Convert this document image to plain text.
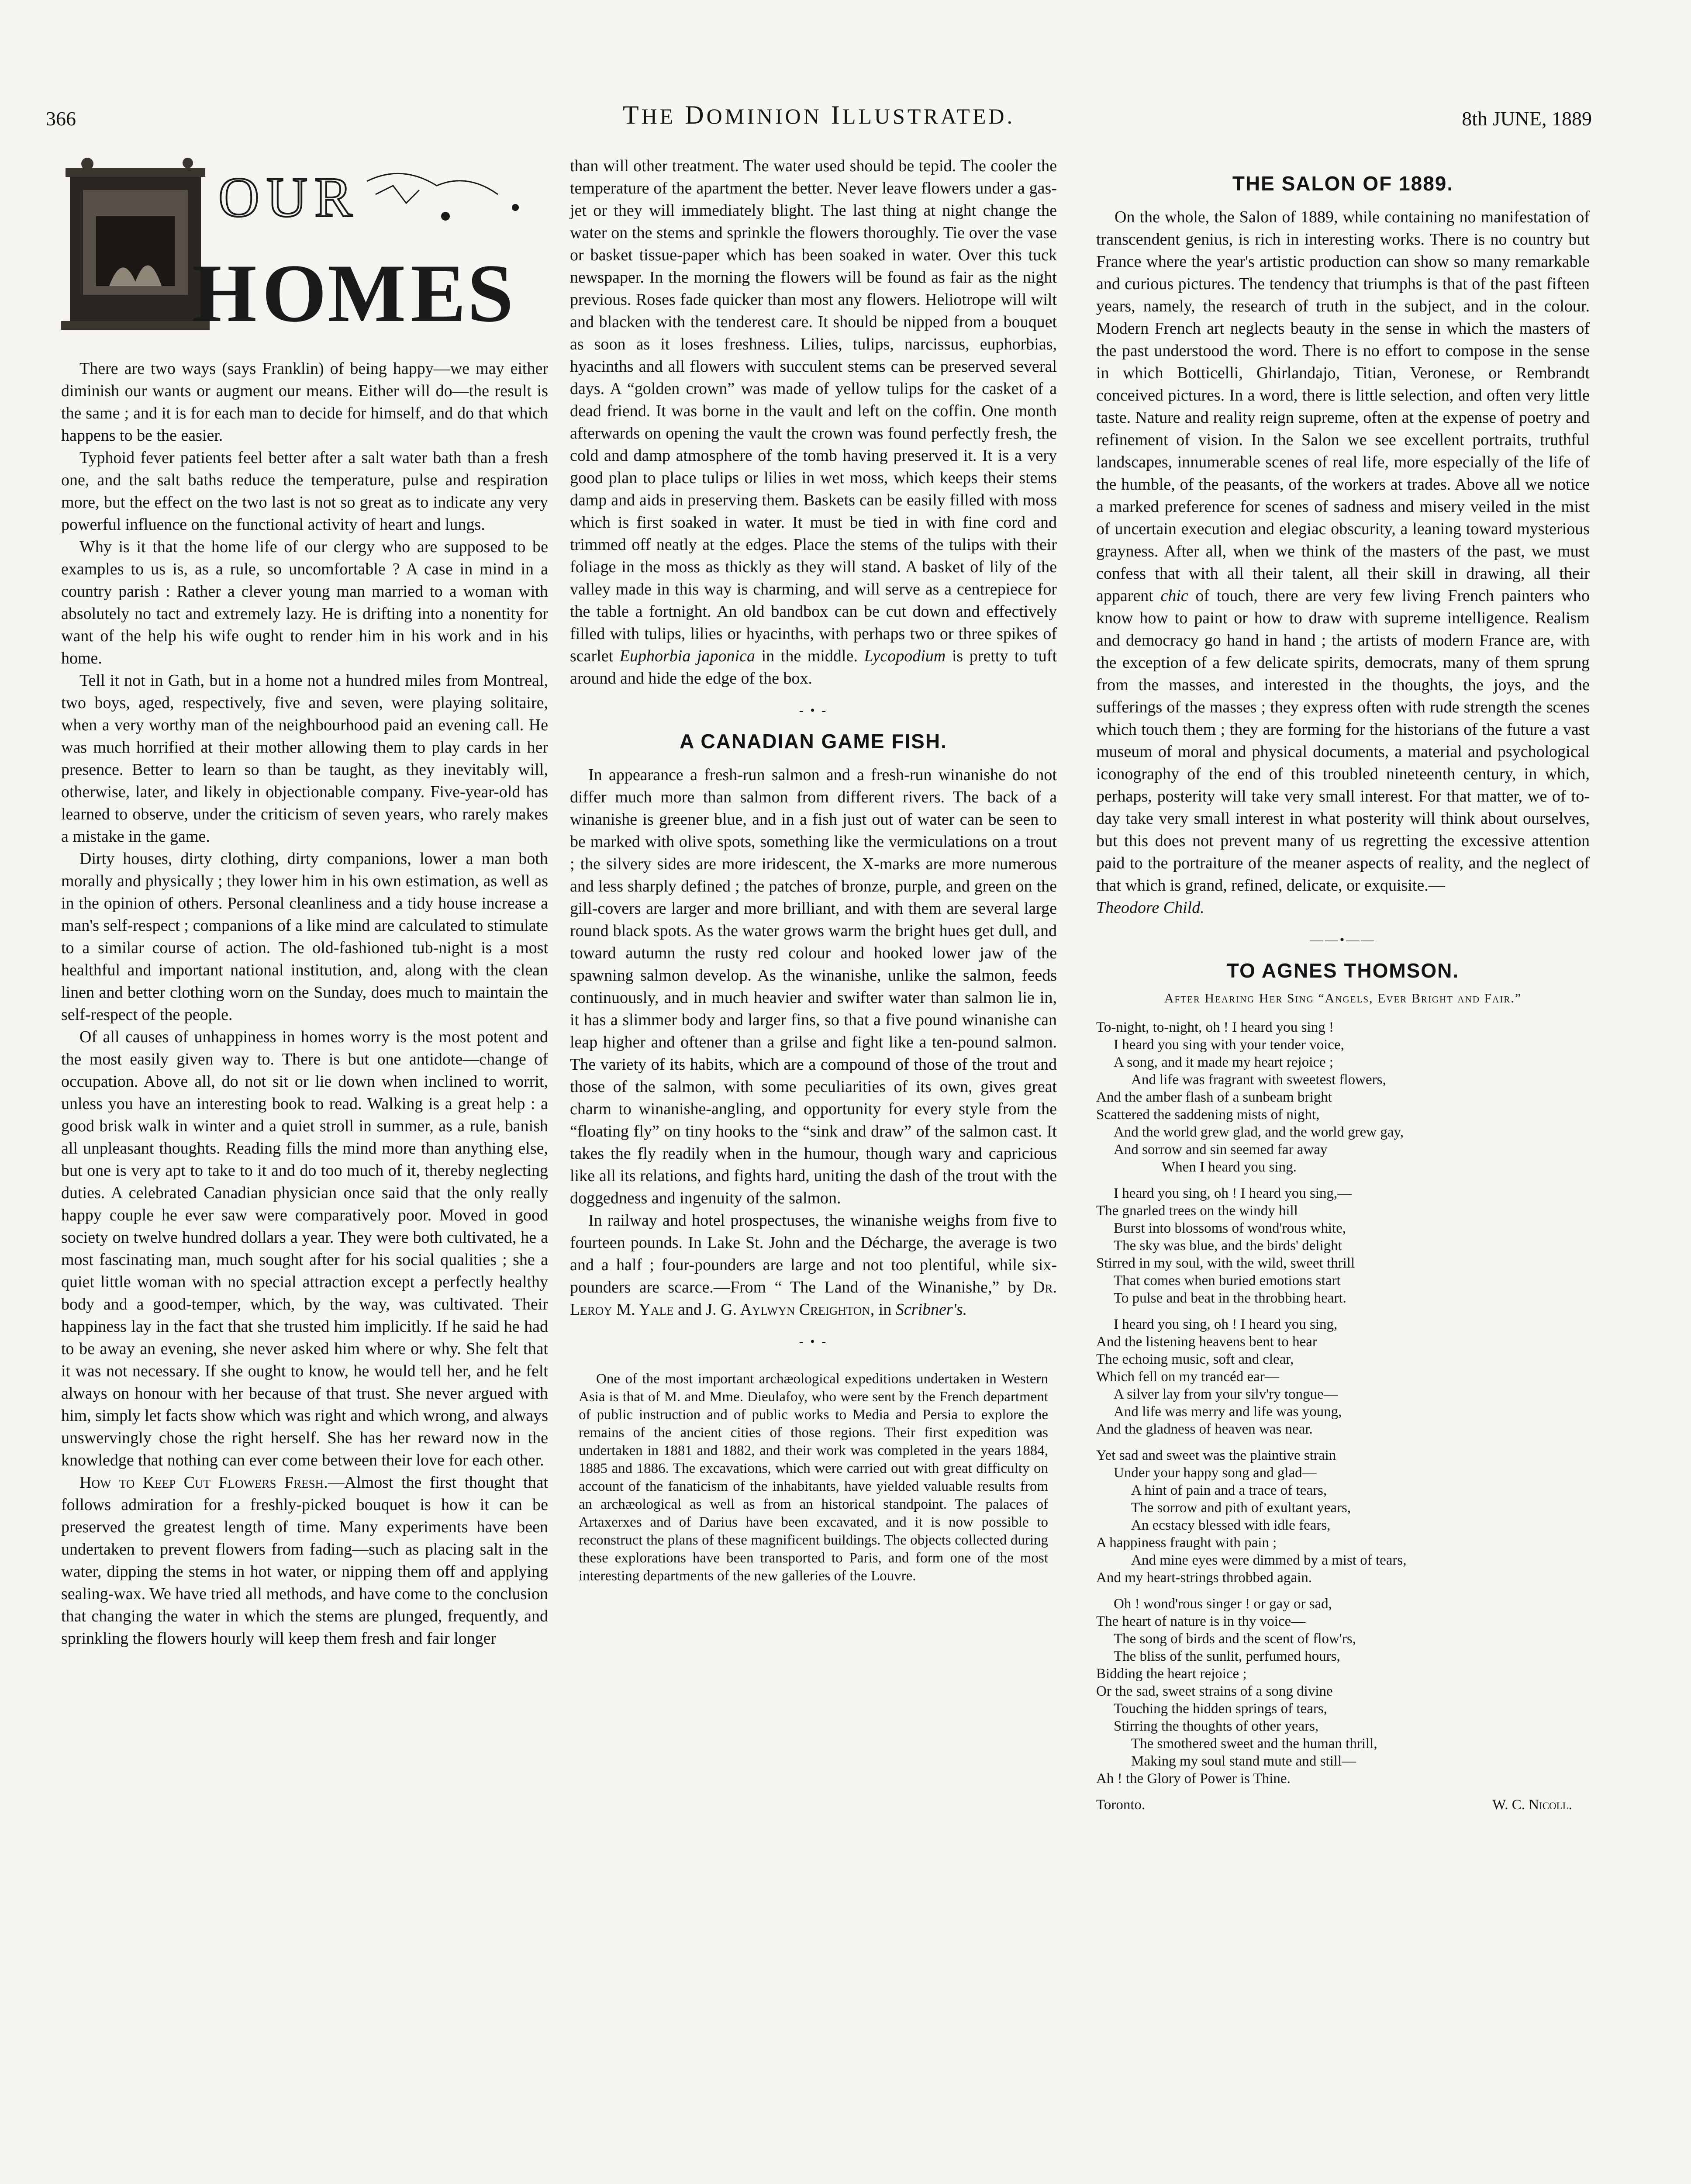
366	THE DOMINION ILLUSTRATED.	8th JUNE, 1889
O U R
H O M E S

There are two ways (says Franklin) of being happy—we may either diminish our wants or augment our means. Either will do—the result is the same ; and it is for each man to decide for himself, and do that which happens to be the easier.

Typhoid fever patients feel better after a salt water bath than a fresh one, and the salt baths reduce the temperature, pulse and respiration more, but the effect on the two last is not so great as to indicate any very powerful influence on the functional activity of heart and lungs.

Why is it that the home life of our clergy who are supposed to be examples to us is, as a rule, so uncomfortable ? A case in mind in a country parish : Rather a clever young man married to a woman with absolutely no tact and extremely lazy. He is drifting into a nonentity for want of the help his wife ought to render him in his work and in his home.

Tell it not in Gath, but in a home not a hundred miles from Montreal, two boys, aged, respectively, five and seven, were playing solitaire, when a very worthy man of the neighbourhood paid an evening call. He was much horrified at their mother allowing them to play cards in her presence. Better to learn so than be taught, as they inevitably will, otherwise, later, and likely in objectionable company. Five-year-old has learned to observe, under the criticism of seven years, who rarely makes a mistake in the game.

Dirty houses, dirty clothing, dirty companions, lower a man both morally and physically ; they lower him in his own estimation, as well as in the opinion of others. Personal cleanliness and a tidy house increase a man's self-respect ; companions of a like mind are calculated to stimulate to a similar course of action. The old-fashioned tub-night is a most healthful and important national institution, and, along with the clean linen and better clothing worn on the Sunday, does much to maintain the self-respect of the people.

Of all causes of unhappiness in homes worry is the most potent and the most easily given way to. There is but one antidote—change of occupation. Above all, do not sit or lie down when inclined to worrit, unless you have an interesting book to read. Walking is a great help : a good brisk walk in winter and a quiet stroll in summer, as a rule, banish all unpleasant thoughts. Reading fills the mind more than anything else, but one is very apt to take to it and do too much of it, thereby neglecting duties. A celebrated Canadian physician once said that the only really happy couple he ever saw were comparatively poor. Moved in good society on twelve hundred dollars a year. They were both cultivated, he a most fascinating man, much sought after for his social qualities ; she a quiet little woman with no special attraction except a perfectly healthy body and a good-temper, which, by the way, was cultivated. Their happiness lay in the fact that she trusted him implicitly. If he said he had to be away an evening, she never asked him where or why. She felt that it was not necessary. If she ought to know, he would tell her, and he felt always on honour with her because of that trust. She never argued with him, simply let facts show which was right and which wrong, and always unswervingly chose the right herself. She has her reward now in the knowledge that nothing can ever come between their love for each other.

How to Keep Cut Flowers Fresh.—Almost the first thought that follows admiration for a freshly-picked bouquet is how it can be preserved the greatest length of time. Many experiments have been undertaken to prevent flowers from fading—such as placing salt in the water, dipping the stems in hot water, or nipping them off and applying sealing-wax. We have tried all methods, and have come to the conclusion that changing the water in which the stems are plunged, frequently, and sprinkling the flowers hourly will keep them fresh and fair longer

than will other treatment. The water used should be tepid. The cooler the temperature of the apartment the better. Never leave flowers under a gas-jet or they will immediately blight. The last thing at night change the water on the stems and sprinkle the flowers thoroughly. Tie over the vase or basket tissue-paper which has been soaked in water. Over this tuck newspaper. In the morning the flowers will be found as fair as the night previous. Roses fade quicker than most any flowers. Heliotrope will wilt and blacken with the tenderest care. It should be nipped from a bouquet as soon as it loses freshness. Lilies, tulips, narcissus, euphorbias, hyacinths and all flowers with succulent stems can be preserved several days. A “golden crown” was made of yellow tulips for the casket of a dead friend. It was borne in the vault and left on the coffin. One month afterwards on opening the vault the crown was found perfectly fresh, the cold and damp atmosphere of the tomb having preserved it. It is a very good plan to place tulips or lilies in wet moss, which keeps their stems damp and aids in preserving them. Baskets can be easily filled with moss which is first soaked in water. It must be tied in with fine cord and trimmed off neatly at the edges. Place the stems of the tulips with their foliage in the moss as thickly as they will stand. A basket of lily of the valley made in this way is charming, and will serve as a centrepiece for the table a fortnight. An old bandbox can be cut down and effectively filled with tulips, lilies or hyacinths, with perhaps two or three spikes of scarlet Euphorbia japonica in the middle. Lycopodium is pretty to tuft around and hide the edge of the box.

- • -
A CANADIAN GAME FISH.

In appearance a fresh-run salmon and a fresh-run winanishe do not differ much more than salmon from different rivers. The back of a winanishe is greener blue, and in a fish just out of water can be seen to be marked with olive spots, something like the vermiculations on a trout ; the silvery sides are more iridescent, the X-marks are more numerous and less sharply defined ; the patches of bronze, purple, and green on the gill-covers are larger and more brilliant, and with them are several large round black spots. As the water grows warm the bright hues get dull, and toward autumn the rusty red colour and hooked lower jaw of the spawning salmon develop. As the winanishe, unlike the salmon, feeds continuously, and in much heavier and swifter water than salmon lie in, it has a slimmer body and larger fins, so that a five pound winanishe can leap higher and oftener than a grilse and fight like a ten-pound salmon. The variety of its habits, which are a compound of those of the trout and those of the salmon, with some peculiarities of its own, gives great charm to winanishe-angling, and opportunity for every style from the “floating fly” on tiny hooks to the “sink and draw” of the salmon cast. It takes the fly readily when in the humour, though wary and capricious like all its relations, and fights hard, uniting the dash of the trout with the doggedness and ingenuity of the salmon.

In railway and hotel prospectuses, the winanishe weighs from five to fourteen pounds. In Lake St. John and the Décharge, the average is two and a half ; four-pounders are large and not too plentiful, while six-pounders are scarce.—From “ The Land of the Winanishe,” by Dr. Leroy M. Yale and J. G. Aylwyn Creighton, in Scribner's.

- • -

One of the most important archæological expeditions undertaken in Western Asia is that of M. and Mme. Dieulafoy, who were sent by the French department of public instruction and of public works to Media and Persia to explore the remains of the ancient cities of those regions. Their first expedition was undertaken in 1881 and 1882, and their work was completed in the years 1884, 1885 and 1886. The excavations, which were carried out with great difficulty on account of the fanaticism of the inhabitants, have yielded valuable results from an archæological as well as from an historical standpoint. The palaces of Artaxerxes and of Darius have been excavated, and it is now possible to reconstruct the plans of these magnificent buildings. The objects collected during these explorations have been transported to Paris, and form one of the most interesting departments of the new galleries of the Louvre.

THE SALON OF 1889.

On the whole, the Salon of 1889, while containing no manifestation of transcendent genius, is rich in interesting works. There is no country but France where the year's artistic production can show so many remarkable and curious pictures. The tendency that triumphs is that of the past fifteen years, namely, the research of truth in the subject, and in the colour. Modern French art neglects beauty in the sense in which the masters of the past understood the word. There is no effort to compose in the sense in which Botticelli, Ghirlandajo, Titian, Veronese, or Rembrandt conceived pictures. In a word, there is little selection, and often very little taste. Nature and reality reign supreme, often at the expense of poetry and refinement of vision. In the Salon we see excellent portraits, truthful landscapes, innumerable scenes of real life, more especially of the life of the humble, of the peasants, of the workers at trades. Above all we notice a marked preference for scenes of sadness and misery veiled in the mist of uncertain execution and elegiac obscurity, a leaning toward mysterious grayness. After all, when we think of the masters of the past, we must confess that with all their talent, all their skill in drawing, all their apparent chic of touch, there are very few living French painters who know how to paint or how to draw with supreme intelligence. Realism and democracy go hand in hand ; the artists of modern France are, with the exception of a few delicate spirits, democrats, many of them sprung from the masses, and interested in the thoughts, the joys, and the sufferings of the masses ; they express often with rude strength the scenes which touch them ; they are forming for the historians of the future a vast museum of moral and physical documents, a material and psychological iconography of the end of this troubled nineteenth century, in which, perhaps, posterity will take very small interest. For that matter, we of to-day take very small interest in what posterity will think about ourselves, but this does not prevent many of us regretting the excessive attention paid to the portraiture of the meaner aspects of reality, and the neglect of that which is grand, refined, delicate, or exquisite.—
Theodore Child.

——•——
TO AGNES THOMSON.
After Hearing Her Sing “Angels, Ever Bright and Fair.”
To-night, to-night, oh ! I heard you sing !
I heard you sing with your tender voice,
A song, and it made my heart rejoice ;
And life was fragrant with sweetest flowers,
And the amber flash of a sunbeam bright
Scattered the saddening mists of night,
And the world grew glad, and the world grew gay,
And sorrow and sin seemed far away
When I heard you sing.
I heard you sing, oh ! I heard you sing,—
The gnarled trees on the windy hill
Burst into blossoms of wond'rous white,
The sky was blue, and the birds' delight
Stirred in my soul, with the wild, sweet thrill
That comes when buried emotions start
To pulse and beat in the throbbing heart.
I heard you sing, oh ! I heard you sing,
And the listening heavens bent to hear
The echoing music, soft and clear,
Which fell on my trancéd ear—
A silver lay from your silv'ry tongue—
And life was merry and life was young,
And the gladness of heaven was near.
Yet sad and sweet was the plaintive strain
Under your happy song and glad—
A hint of pain and a trace of tears,
The sorrow and pith of exultant years,
An ecstacy blessed with idle fears,
A happiness fraught with pain ;
And mine eyes were dimmed by a mist of tears,
And my heart-strings throbbed again.
Oh ! wond'rous singer ! or gay or sad,
The heart of nature is in thy voice—
The song of birds and the scent of flow'rs,
The bliss of the sunlit, perfumed hours,
Bidding the heart rejoice ;
Or the sad, sweet strains of a song divine
Touching the hidden springs of tears,
Stirring the thoughts of other years,
The smothered sweet and the human thrill,
Making my soul stand mute and still—
Ah ! the Glory of Power is Thine.
Toronto.	W. C. Nicoll.
